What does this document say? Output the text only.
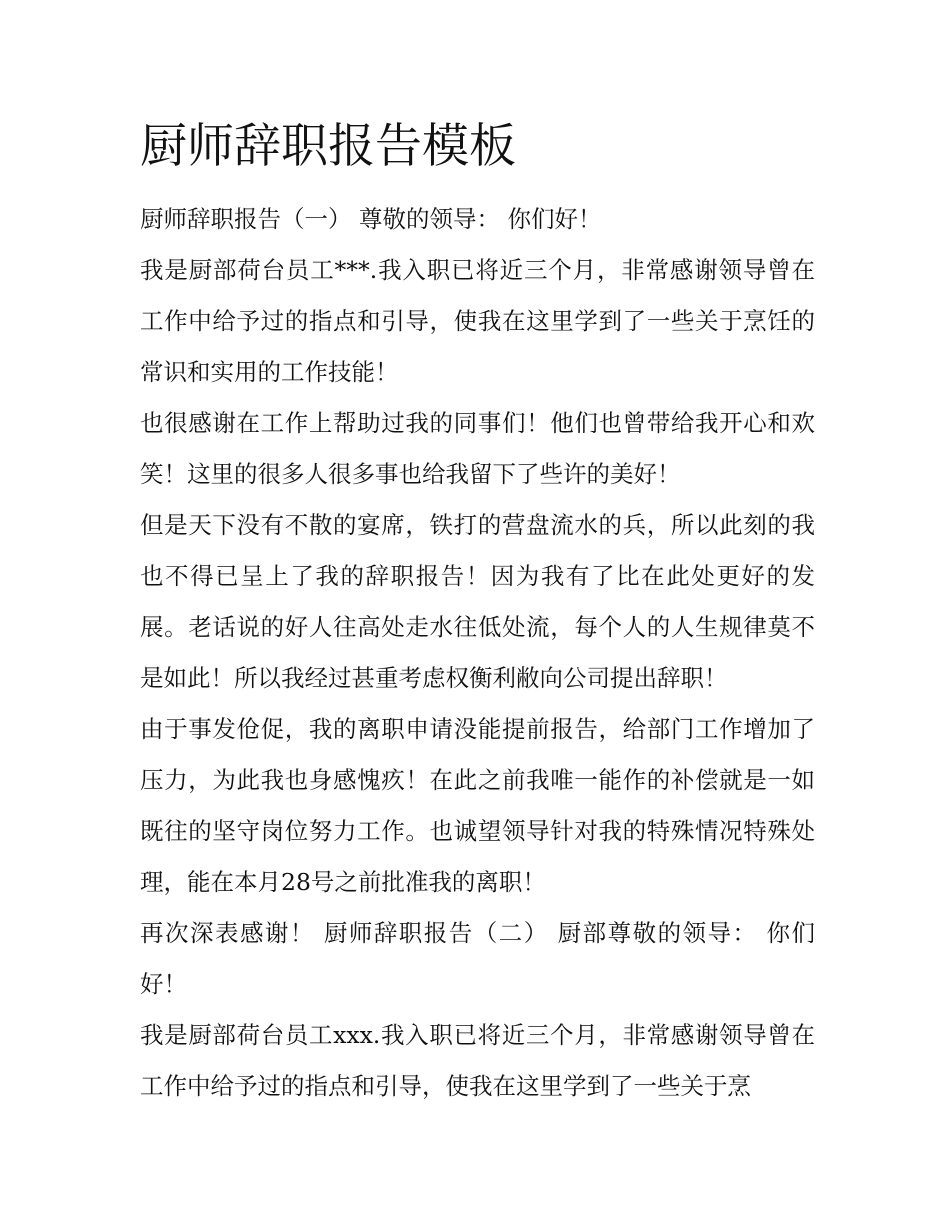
厨师辞职报告模板

厨师辞职报告（一） 尊敬的领导： 你们好！

我是厨部荷台员工***.我入职已将近三个月，非常感谢领导曾在工作中给予过的指点和引导，使我在这里学到了一些关于烹饪的常识和实用的工作技能！

也很感谢在工作上帮助过我的同事们！他们也曾带给我开心和欢笑！这里的很多人很多事也给我留下了些许的美好！

但是天下没有不散的宴席，铁打的营盘流水的兵，所以此刻的我也不得已呈上了我的辞职报告！因为我有了比在此处更好的发展。老话说的好人往高处走水往低处流，每个人的人生规律莫不是如此！所以我经过甚重考虑权衡利敝向公司提出辞职！

由于事发伧促，我的离职申请没能提前报告，给部门工作增加了压力，为此我也身感愧疚！在此之前我唯一能作的补偿就是一如既往的坚守岗位努力工作。也诚望领导针对我的特殊情况特殊处理，能在本月28号之前批准我的离职！

再次深表感谢！ 厨师辞职报告（二） 厨部尊敬的领导： 你们好！

我是厨部荷台员工xxx.我入职已将近三个月，非常感谢领导曾在工作中给予过的指点和引导，使我在这里学到了一些关于烹
